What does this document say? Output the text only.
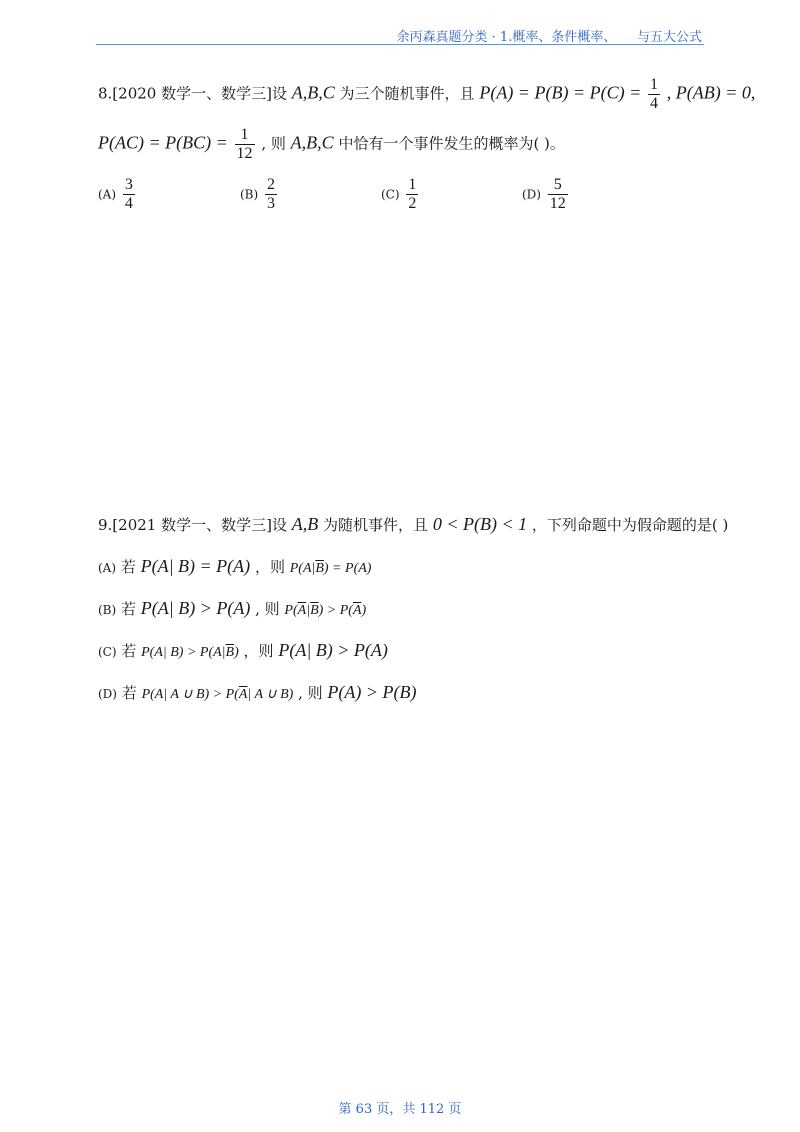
余丙森真题分类 · 1.概率、条件概率、     与五大公式
8.[2020 数学一、数学三]设 A,B,C 为三个随机事件，且 $P(A) = P(B) = P(C) = \frac{1}{4}$ , P(AB) = 0,
$P(AC) = P(BC) = \frac{1}{12}$ , 则 A,B,C 中恰有一个事件发生的概率为( )。
$(A) \frac{3}{4}$	$(B) \frac{2}{3}$	$(C) \frac{1}{2}$	$(D) \frac{5}{12}$
9.[2021 数学一、数学三]设 A,B 为随机事件，且 0 < P(B) < 1 ，下列命题中为假命题的是( )
(A) 若 P(A| B) = P(A) ，则 $P(A|\overline{B}) = P(A)$
(B) 若 P(A| B) > P(A) , 则 $P(\overline{A}|\overline{B}) > P(\overline{A})$
(C) 若 P(A| $B) > P(A|\overline{B})$ ，则 P(A| B) > P(A)
(D) 若 P(A| A ∪ $B) > P(\overline{A}|$ A ∪ B) , 则 P(A) > P(B)
第 63 页，共 112 页
